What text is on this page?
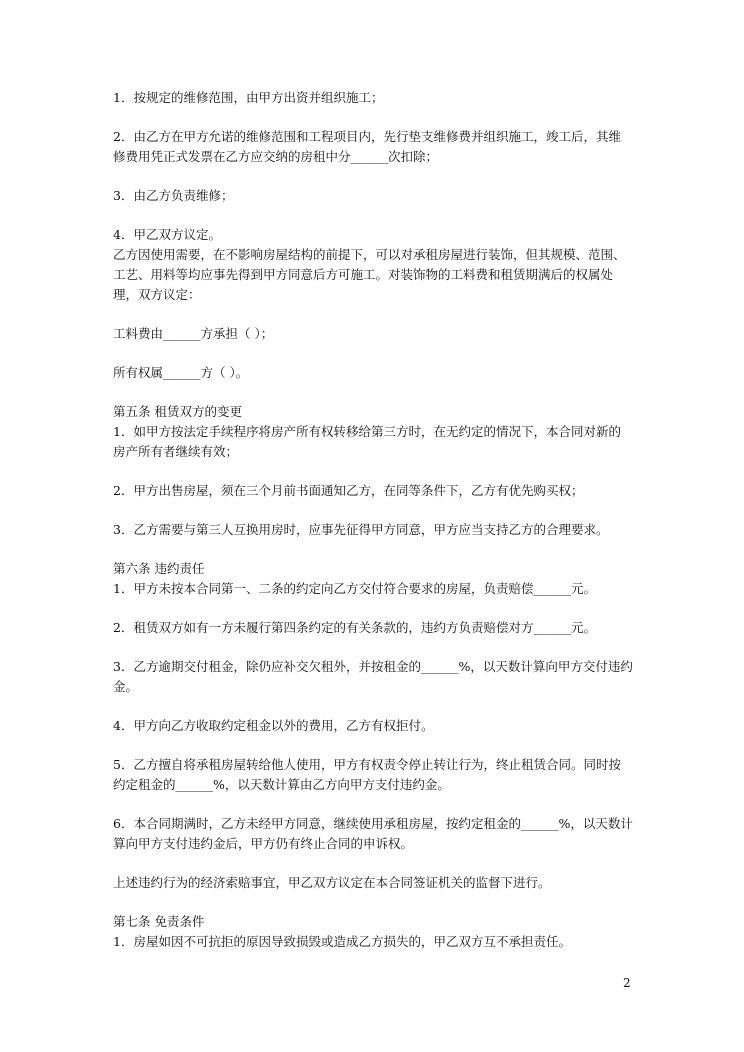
1．按规定的维修范围，由甲方出资并组织施工；

2．由乙方在甲方允诺的维修范围和工程项目内，先行垫支维修费并组织施工，竣工后，其维修费用凭正式发票在乙方应交纳的房租中分______次扣除；

3．由乙方负责维修；

4．甲乙双方议定。

乙方因使用需要，在不影响房屋结构的前提下，可以对承租房屋进行装饰，但其规模、范围、工艺、用料等均应事先得到甲方同意后方可施工。对装饰物的工料费和租赁期满后的权属处理，双方议定：

工料费由______方承担（ ）；

所有权属______方（ ）。

第五条 租赁双方的变更

1．如甲方按法定手续程序将房产所有权转移给第三方时，在无约定的情况下，本合同对新的房产所有者继续有效；

2．甲方出售房屋，须在三个月前书面通知乙方，在同等条件下，乙方有优先购买权；

3．乙方需要与第三人互换用房时，应事先征得甲方同意，甲方应当支持乙方的合理要求。

第六条 违约责任

1．甲方未按本合同第一、二条的约定向乙方交付符合要求的房屋，负责赔偿______元。

2．租赁双方如有一方未履行第四条约定的有关条款的，违约方负责赔偿对方______元。

3．乙方逾期交付租金，除仍应补交欠租外，并按租金的______%，以天数计算向甲方交付违约金。

4．甲方向乙方收取约定租金以外的费用，乙方有权拒付。

5．乙方擅自将承租房屋转给他人使用，甲方有权责令停止转让行为，终止租赁合同。同时按约定租金的______%，以天数计算由乙方向甲方支付违约金。

6．本合同期满时，乙方未经甲方同意，继续使用承租房屋，按约定租金的______%，以天数计算向甲方支付违约金后，甲方仍有终止合同的申诉权。

上述违约行为的经济索赔事宜，甲乙双方议定在本合同签证机关的监督下进行。

第七条 免责条件

1．房屋如因不可抗拒的原因导致损毁或造成乙方损失的，甲乙双方互不承担责任。

2
